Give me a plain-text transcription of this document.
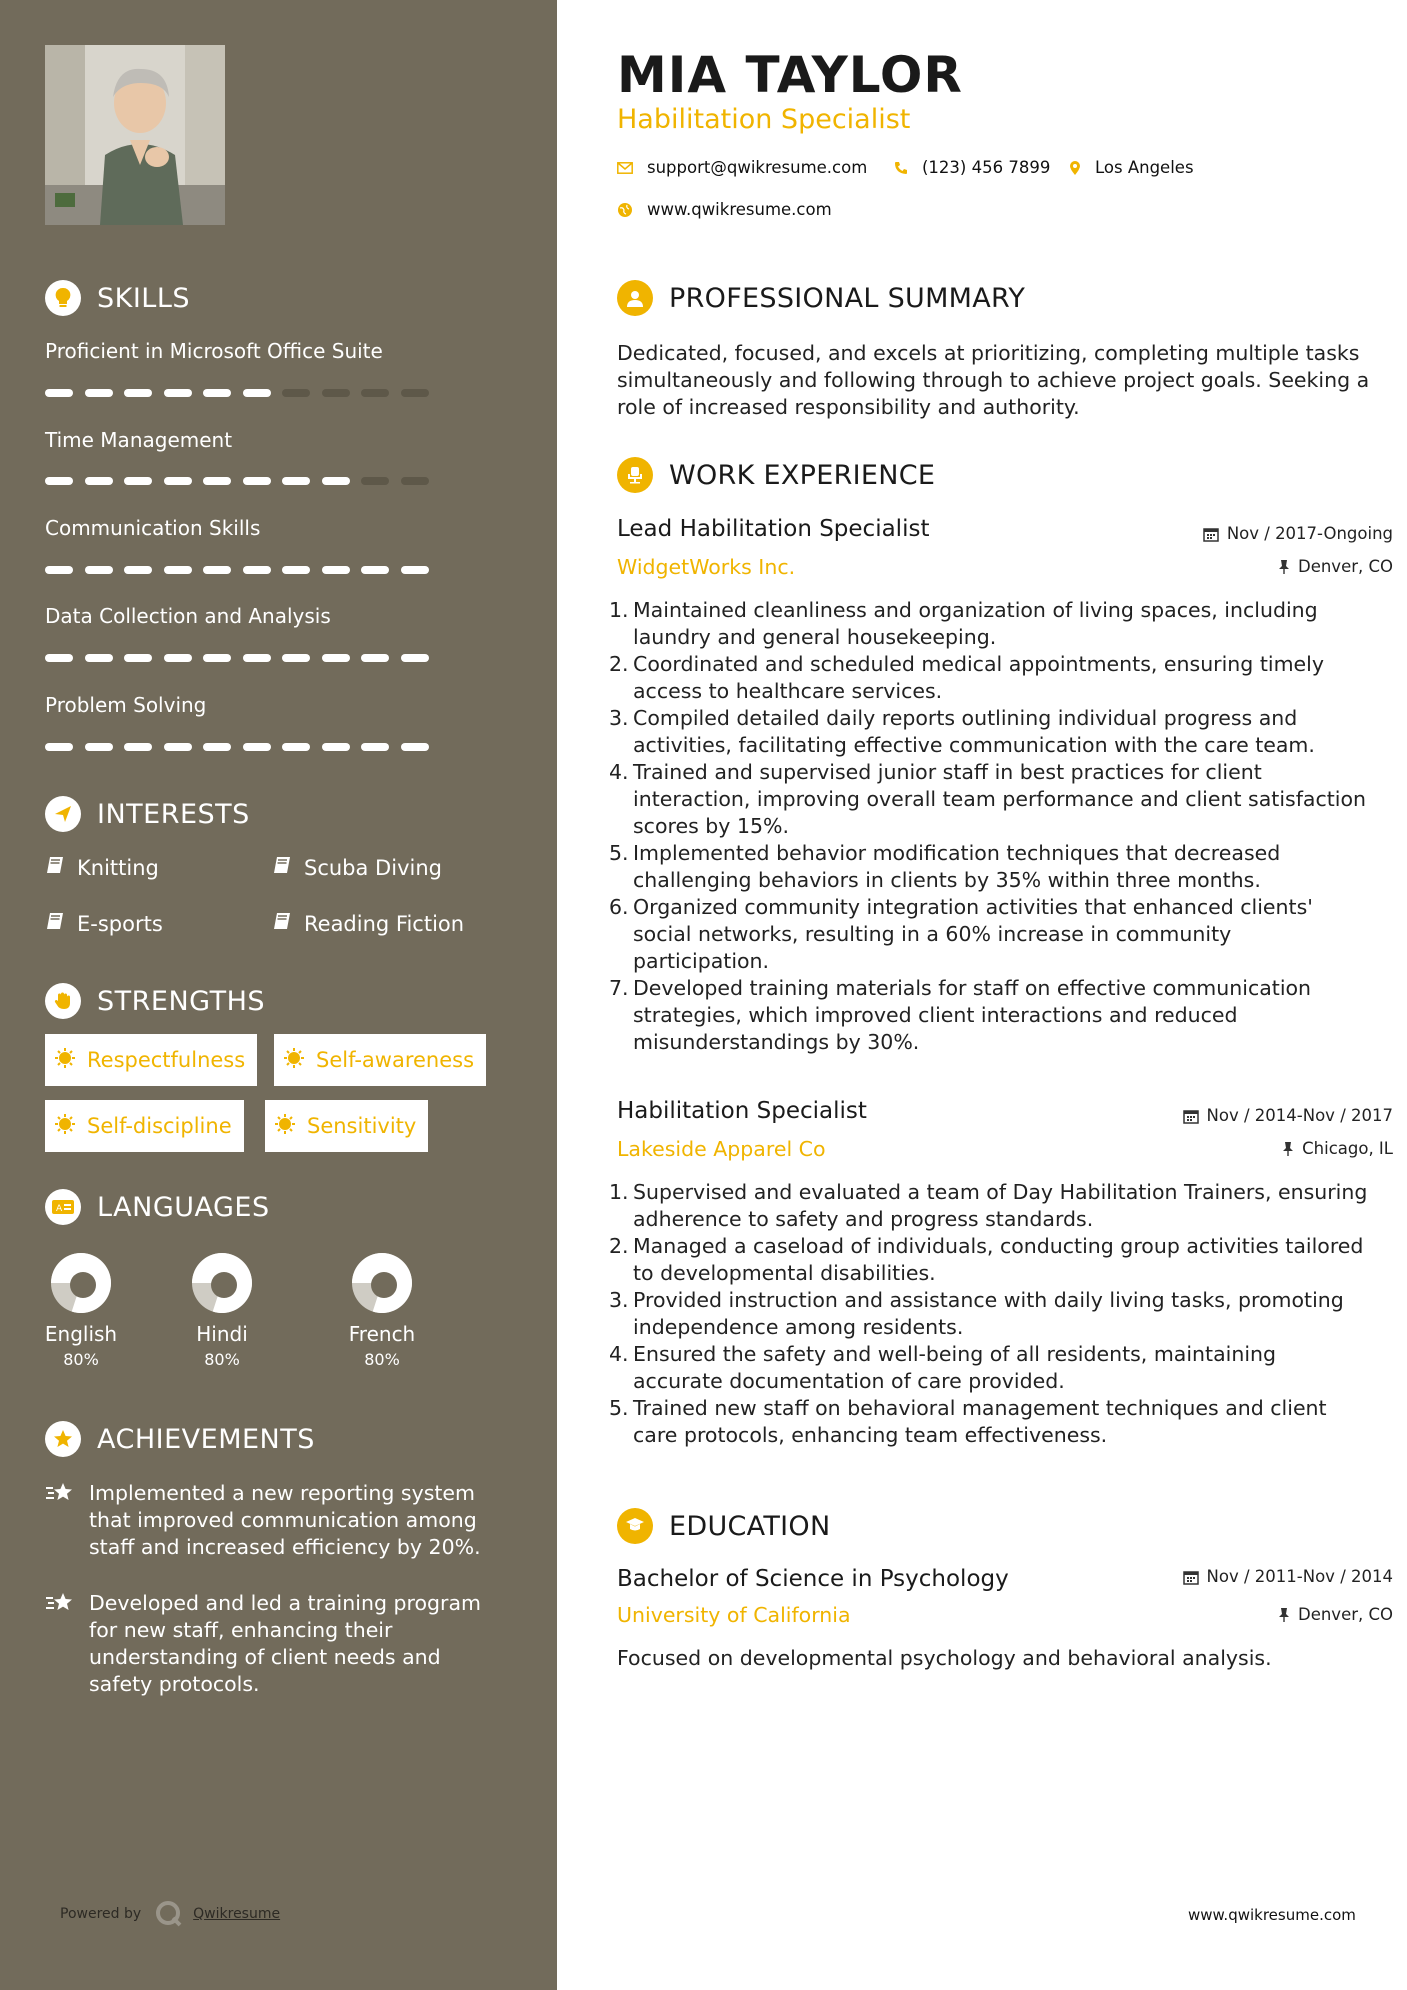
SKILLS
Proficient in Microsoft Office Suite
Time Management
Communication Skills
Data Collection and Analysis
Problem Solving
INTERESTS
Knitting	Scuba Diving
E-sports	Reading Fiction
STRENGTHS
Respectfulness	Self-awareness
Self-discipline	Sensitivity
A LANGUAGES
English
80%
Hindi
80%
French
80%
ACHIEVEMENTS
Implemented a new reporting system that improved communication among staff and increased efficiency by 20%.
Developed and led a training program for new staff, enhancing their understanding of client needs and safety protocols.
Powered by	Qwikresume
MIA TAYLOR
Habilitation Specialist
support@qwikresume.com	(123) 456 7899	Los Angeles
www.qwikresume.com
PROFESSIONAL SUMMARY
Dedicated, focused, and excels at prioritizing, completing multiple tasks simultaneously and following through to achieve project goals. Seeking a role of increased responsibility and authority.
WORK EXPERIENCE
Lead Habilitation Specialist	Nov / 2017-Ongoing
WidgetWorks Inc.	Denver, CO
1. Maintained cleanliness and organization of living spaces, including laundry and general housekeeping.
2. Coordinated and scheduled medical appointments, ensuring timely access to healthcare services.
3. Compiled detailed daily reports outlining individual progress and activities, facilitating effective communication with the care team.
4. Trained and supervised junior staff in best practices for client interaction, improving overall team performance and client satisfaction scores by 15%.
5. Implemented behavior modification techniques that decreased challenging behaviors in clients by 35% within three months.
6. Organized community integration activities that enhanced clients' social networks, resulting in a 60% increase in community participation.
7. Developed training materials for staff on effective communication strategies, which improved client interactions and reduced misunderstandings by 30%.
Habilitation Specialist	Nov / 2014-Nov / 2017
Lakeside Apparel Co	Chicago, IL
1. Supervised and evaluated a team of Day Habilitation Trainers, ensuring adherence to safety and progress standards.
2. Managed a caseload of individuals, conducting group activities tailored to developmental disabilities.
3. Provided instruction and assistance with daily living tasks, promoting independence among residents.
4. Ensured the safety and well-being of all residents, maintaining accurate documentation of care provided.
5. Trained new staff on behavioral management techniques and client care protocols, enhancing team effectiveness.
EDUCATION
Bachelor of Science in Psychology	Nov / 2011-Nov / 2014
University of California	Denver, CO
Focused on developmental psychology and behavioral analysis.
www.qwikresume.com
